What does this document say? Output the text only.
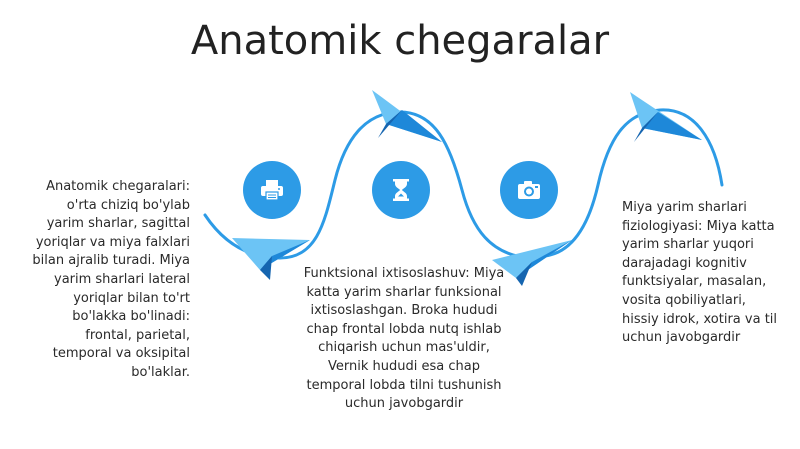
Anatomik chegaralar
Anatomik chegaralari: o'rta chiziq bo'ylab yarim sharlar, sagittal yoriqlar va miya falxlari bilan ajralib turadi. Miya yarim sharlari lateral yoriqlar bilan to'rt bo'lakka bo'linadi: frontal, parietal, temporal va oksipital bo'laklar.
Funktsional ixtisoslashuv: Miya katta yarim sharlar funksional ixtisoslashgan. Broka hududi chap frontal lobda nutq ishlab chiqarish uchun mas'uldir, Vernik hududi esa chap temporal lobda tilni tushunish uchun javobgardir
Miya yarim sharlari fiziologiyasi: Miya katta yarim sharlar yuqori darajadagi kognitiv funktsiyalar, masalan, vosita qobiliyatlari, hissiy idrok, xotira va til uchun javobgardir
